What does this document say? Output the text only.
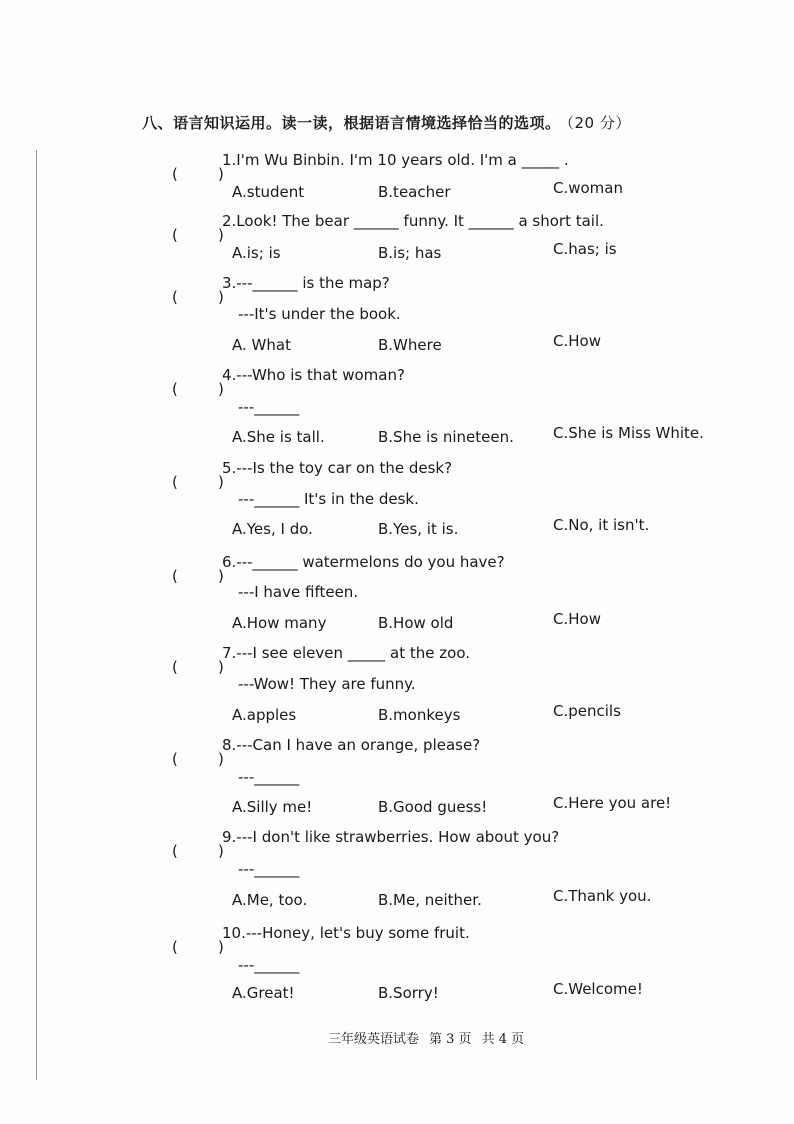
八、语言知识运用。读一读，根据语言情境选择恰当的选项。 （20 分）
(	)
1.I'm Wu Binbin. I'm 10 years old. I'm a _____ .
A.student	B.teacher	C.woman
(	)
2.Look! The bear ______ funny. It ______ a short tail.
A.is; is	B.is; has	C.has; is
(	)
3.---______ is the map?
---It's under the book.
A. What	B.Where	C.How
(	)
4.---Who is that woman?
---______
A.She is tall.	B.She is nineteen.	C.She is Miss White.
(	)
5.---Is the toy car on the desk?
---______ It's in the desk.
A.Yes, I do.	B.Yes, it is.	C.No, it isn't.
(	)
6.---______ watermelons do you have?
---I have fifteen.
A.How many	B.How old	C.How
(	)
7.---I see eleven _____ at the zoo.
---Wow! They are funny.
A.apples	B.monkeys	C.pencils
(	)
8.---Can I have an orange, please?
---______
A.Silly me!	B.Good guess!	C.Here you are!
(	)
9.---I don't like strawberries. How about you?
---______
A.Me, too.	B.Me, neither.	C.Thank you.
(	)
10.---Honey, let's buy some fruit.
---______
A.Great!	B.Sorry!	C.Welcome!
三年级英语试卷 第 3 页 共 4 页
